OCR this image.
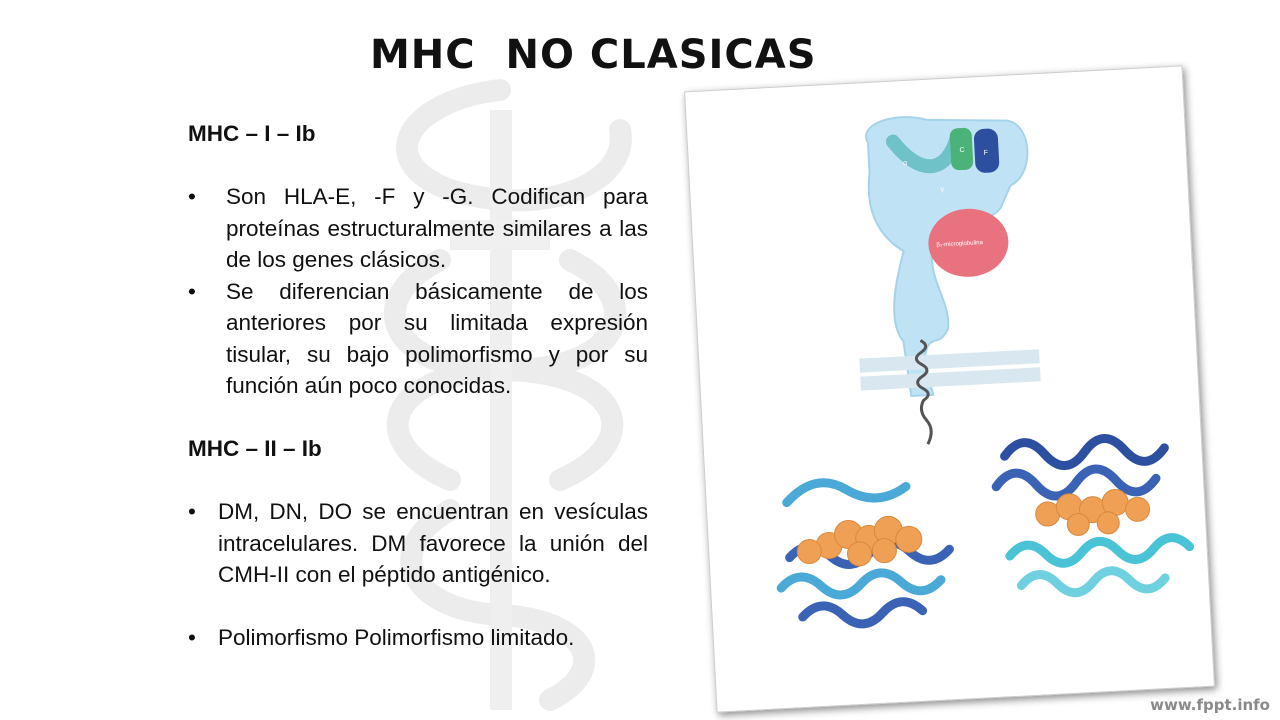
MHC  NO CLASICAS

MHC – I – Ib

• Son HLA-E, -F y -G. Codifican para proteínas estructuralmente similares a las de los genes clásicos.
• Se diferencian básicamente de los anteriores por su limitada expresión tisular, su bajo polimorfismo y por su función aún poco conocidas.

MHC – II – Ib

• DM, DN, DO se encuentran en vesículas intracelulares. DM favorece la unión del CMH-II con el péptido antigénico.
• Polimorfismo Polimorfismo limitado.
α
C	F
γ
β₂-microglobulina
www.fppt.info
